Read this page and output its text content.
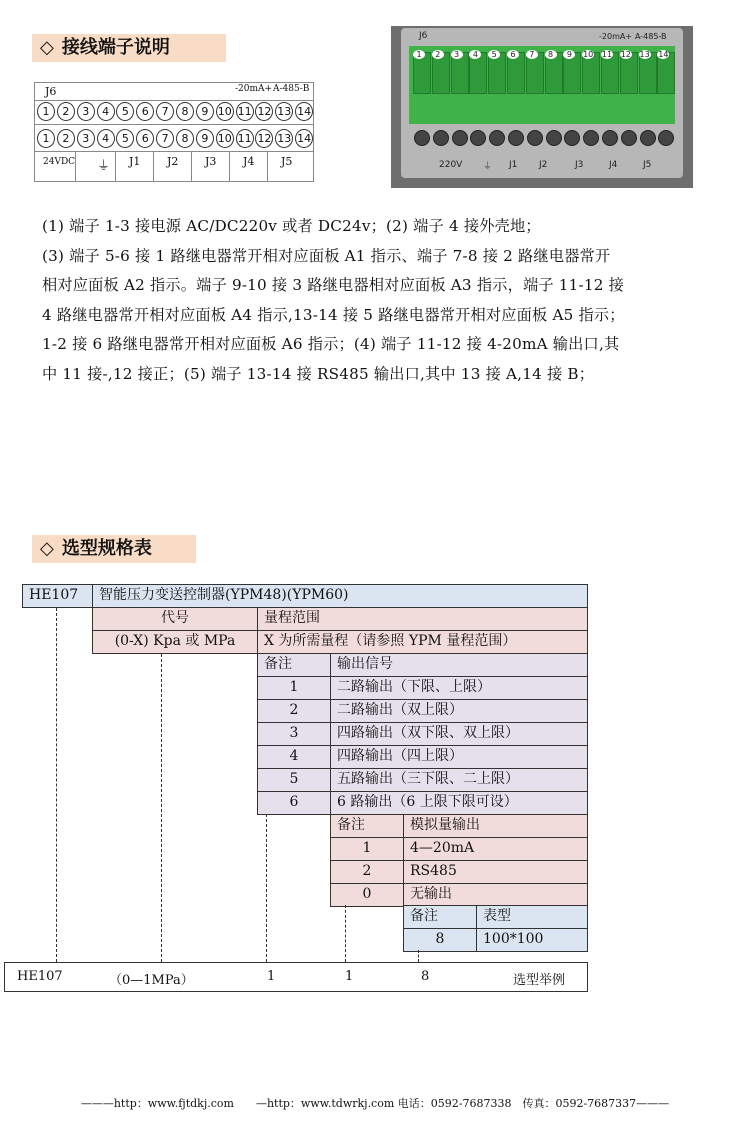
◇ 接线端子说明
J6	-20mA+ A-485-B
1	2	3	4	5	6	7	8	9 10 11 12 13 14
1	2	3	4	5	6	7	8	9 10 11 12 13 14
24VDC ⏚ J1 J2 J3 J4 J5
J6	-20mA+ A-485-B
1	2	3	4	5	6	7	8	9	10 11 12 13 14
220V ⏚ J1 J2	J3	J4	J5
(1) 端子 1-3 接电源 AC/DC220v 或者 DC24v；(2) 端子 4 接外壳地；
(3) 端子 5-6 接 1 路继电器常开相对应面板 A1 指示、端子 7-8 接 2 路继电器常开
相对应面板 A2 指示。端子 9-10 接 3 路继电器相对应面板 A3 指示，端子 11-12 接
4 路继电器常开相对应面板 A4 指示,13-14 接 5 路继电器常开相对应面板 A5 指示；
1-2 接 6 路继电器常开相对应面板 A6 指示；(4) 端子 11-12 接 4-20mA 输出口,其
中 11 接-,12 接正；(5) 端子 13-14 接 RS485 输出口,其中 13 接 A,14 接 B；
◇ 选型规格表
HE107	智能压力变送控制器(YPM48)(YPM60)
代号	量程范围
(0-X) Kpa 或 MPa	X 为所需量程（请参照 YPM 量程范围）
备注	输出信号
1	二路输出（下限、上限）
2	二路输出（双上限）
3	四路输出（双下限、双上限）
4	四路输出（四上限）
5	五路输出（三下限、二上限）
6	6 路输出（6 上限下限可设）
备注	模拟量输出
1	4—20mA
2	RS485
0	无输出
备注	表型
8	100*100
HE107	（0—1MPa）	1	1	8	选型举例
———http：www.fjtdkj.com　　—http：www.tdwrkj.com 电话：0592-7687338　传真：0592-7687337———
